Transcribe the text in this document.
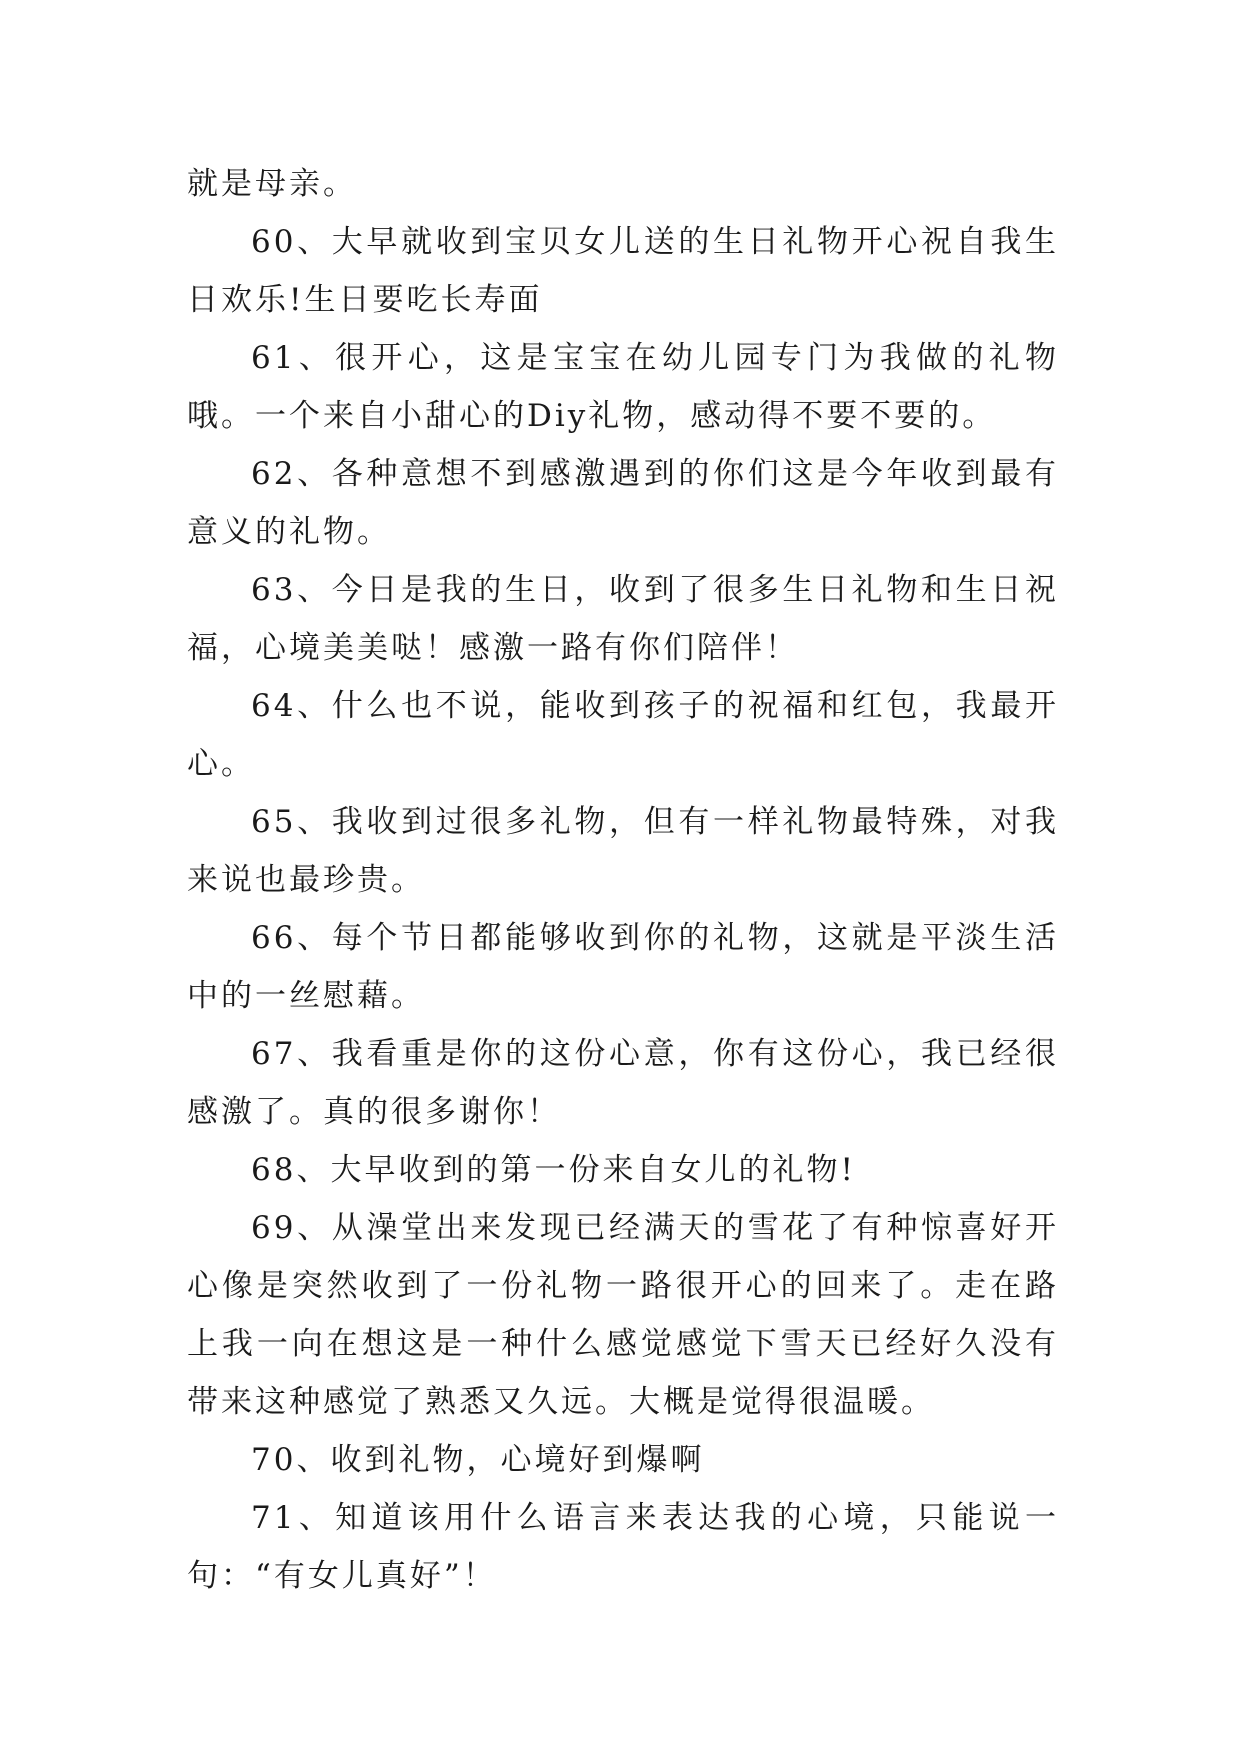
就是母亲。

60、大早就收到宝贝女儿送的生日礼物开心祝自我生日欢乐!生日要吃长寿面

61、很开心，这是宝宝在幼儿园专门为我做的礼物哦。一个来自小甜心的Diy礼物，感动得不要不要的。

62、各种意想不到感激遇到的你们这是今年收到最有意义的礼物。

63、今日是我的生日，收到了很多生日礼物和生日祝福，心境美美哒！感激一路有你们陪伴！

64、什么也不说，能收到孩子的祝福和红包，我最开心。

65、我收到过很多礼物，但有一样礼物最特殊，对我来说也最珍贵。

66、每个节日都能够收到你的礼物，这就是平淡生活中的一丝慰藉。

67、我看重是你的这份心意，你有这份心，我已经很感激了。真的很多谢你！

68、大早收到的第一份来自女儿的礼物!

69、从澡堂出来发现已经满天的雪花了有种惊喜好开心像是突然收到了一份礼物一路很开心的回来了。走在路上我一向在想这是一种什么感觉感觉下雪天已经好久没有带来这种感觉了熟悉又久远。大概是觉得很温暖。

70、收到礼物，心境好到爆啊

71、知道该用什么语言来表达我的心境，只能说一句：“有女儿真好”！
